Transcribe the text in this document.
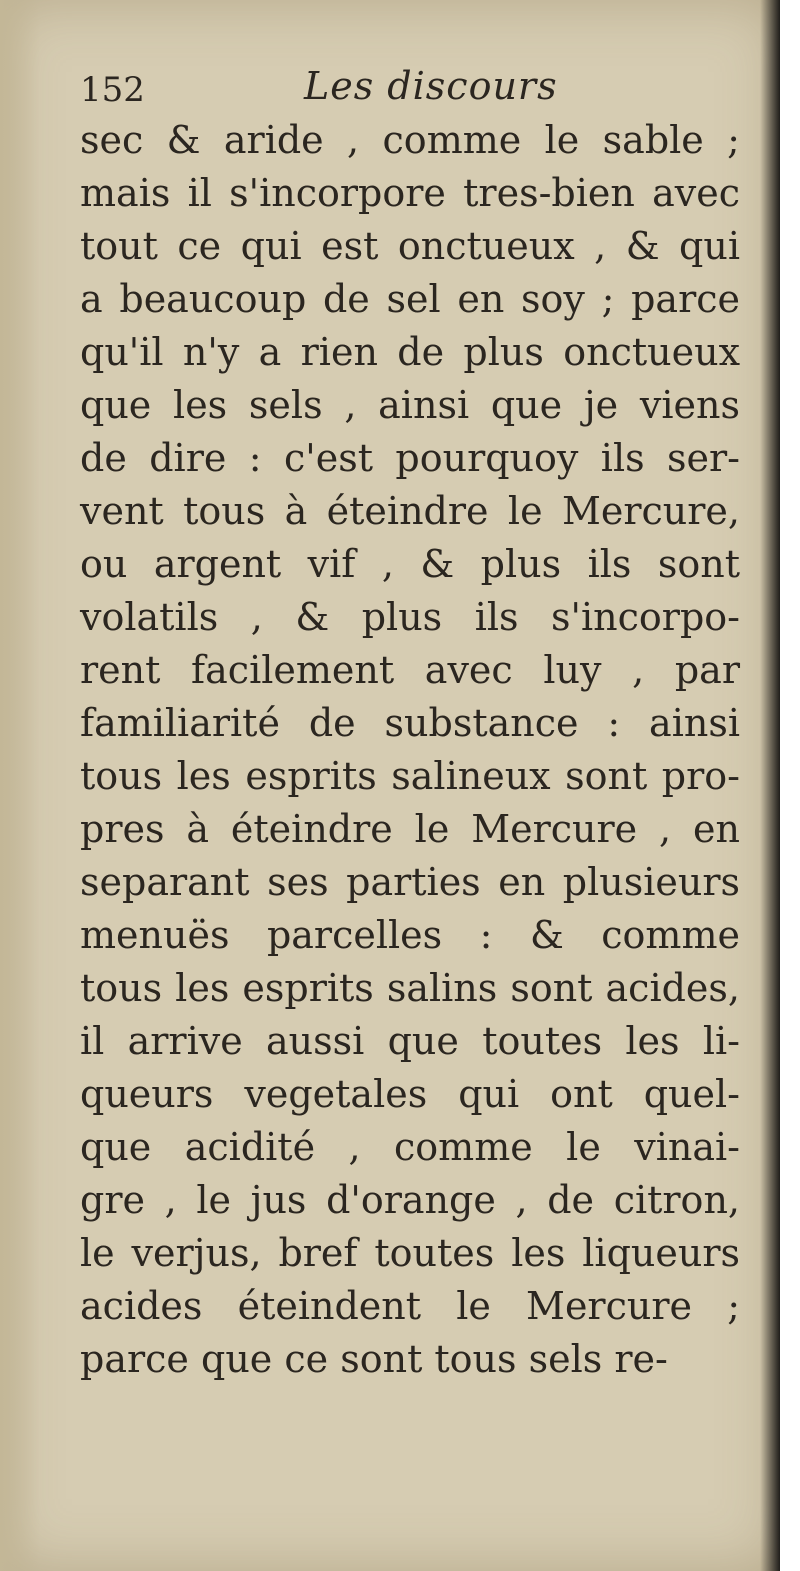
152	Les discours
sec & aride , comme le sable ;
mais il s'incorpore tres-bien avec
tout ce qui est onctueux , & qui
a beaucoup de sel en soy ; parce
qu'il n'y a rien de plus onctueux
que les sels , ainsi que je viens
de dire : c'est pourquoy ils ser-
vent tous à éteindre le Mercure,
ou argent vif , & plus ils sont
volatils , & plus ils s'incorpo-
rent facilement avec luy , par
familiarité de substance : ainsi
tous les esprits salineux sont pro-
pres à éteindre le Mercure , en
separant ses parties en plusieurs
menuës parcelles : & comme
tous les esprits salins sont acides,
il arrive aussi que toutes les li-
queurs vegetales qui ont quel-
que acidité , comme le vinai-
gre , le jus d'orange , de citron,
le verjus, bref toutes les liqueurs
acides éteindent le Mercure ;
parce que ce sont tous sels re-
